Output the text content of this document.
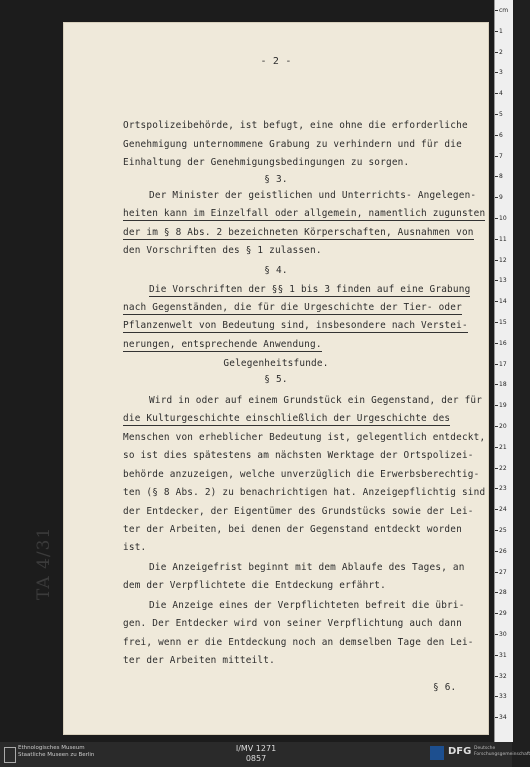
- 2 -
Ortspolizeibehörde, ist befugt, eine ohne die erforderliche
Genehmigung unternommene Grabung zu verhindern und für die
Einhaltung der Genehmigungsbedingungen zu sorgen.
§ 3.
Der Minister der geistlichen und Unterrichts- Angelegen-
heiten kann im Einzelfall oder allgemein, namentlich zugunsten
der im § 8 Abs. 2 bezeichneten Körperschaften, Ausnahmen von
den Vorschriften des § 1 zulassen.
§ 4.
Die Vorschriften der §§ 1 bis 3 finden auf eine Grabung
nach Gegenständen, die für die Urgeschichte der Tier- oder
Pflanzenwelt von Bedeutung sind, insbesondere nach Verstei-
nerungen, entsprechende Anwendung.
Gelegenheitsfunde.
§ 5.
Wird in oder auf einem Grundstück ein Gegenstand, der für
die Kulturgeschichte einschließlich der Urgeschichte des
Menschen von erheblicher Bedeutung ist, gelegentlich entdeckt,
so ist dies spätestens am nächsten Werktage der Ortspolizei-
behörde anzuzeigen, welche unverzüglich die Erwerbsberechtig-
ten (§ 8 Abs. 2) zu benachrichtigen hat. Anzeigepflichtig sind
der Entdecker, der Eigentümer des Grundstücks sowie der Lei-
ter der Arbeiten, bei denen der Gegenstand entdeckt worden
ist.
Die Anzeigefrist beginnt mit dem Ablaufe des Tages, an
dem der Verpflichtete die Entdeckung erfährt.
Die Anzeige eines der Verpflichteten befreit die übri-
gen. Der Entdecker wird von seiner Verpflichtung auch dann
frei, wenn er die Entdeckung noch an demselben Tage den Lei-
ter der Arbeiten mitteilt.
§ 6.
TA 4/31
cm
1
2
3
4
5
6
7
8
9
10
11
12
13
14
15
16
17
18
19
20
21
22
23
24
25
26
27
28
29
30
31
32
33
34
Ethnologisches Museum
Staatliche Museen zu Berlin
I/MV 1271
0857
DFG Deutsche
Forschungsgemeinschaft
